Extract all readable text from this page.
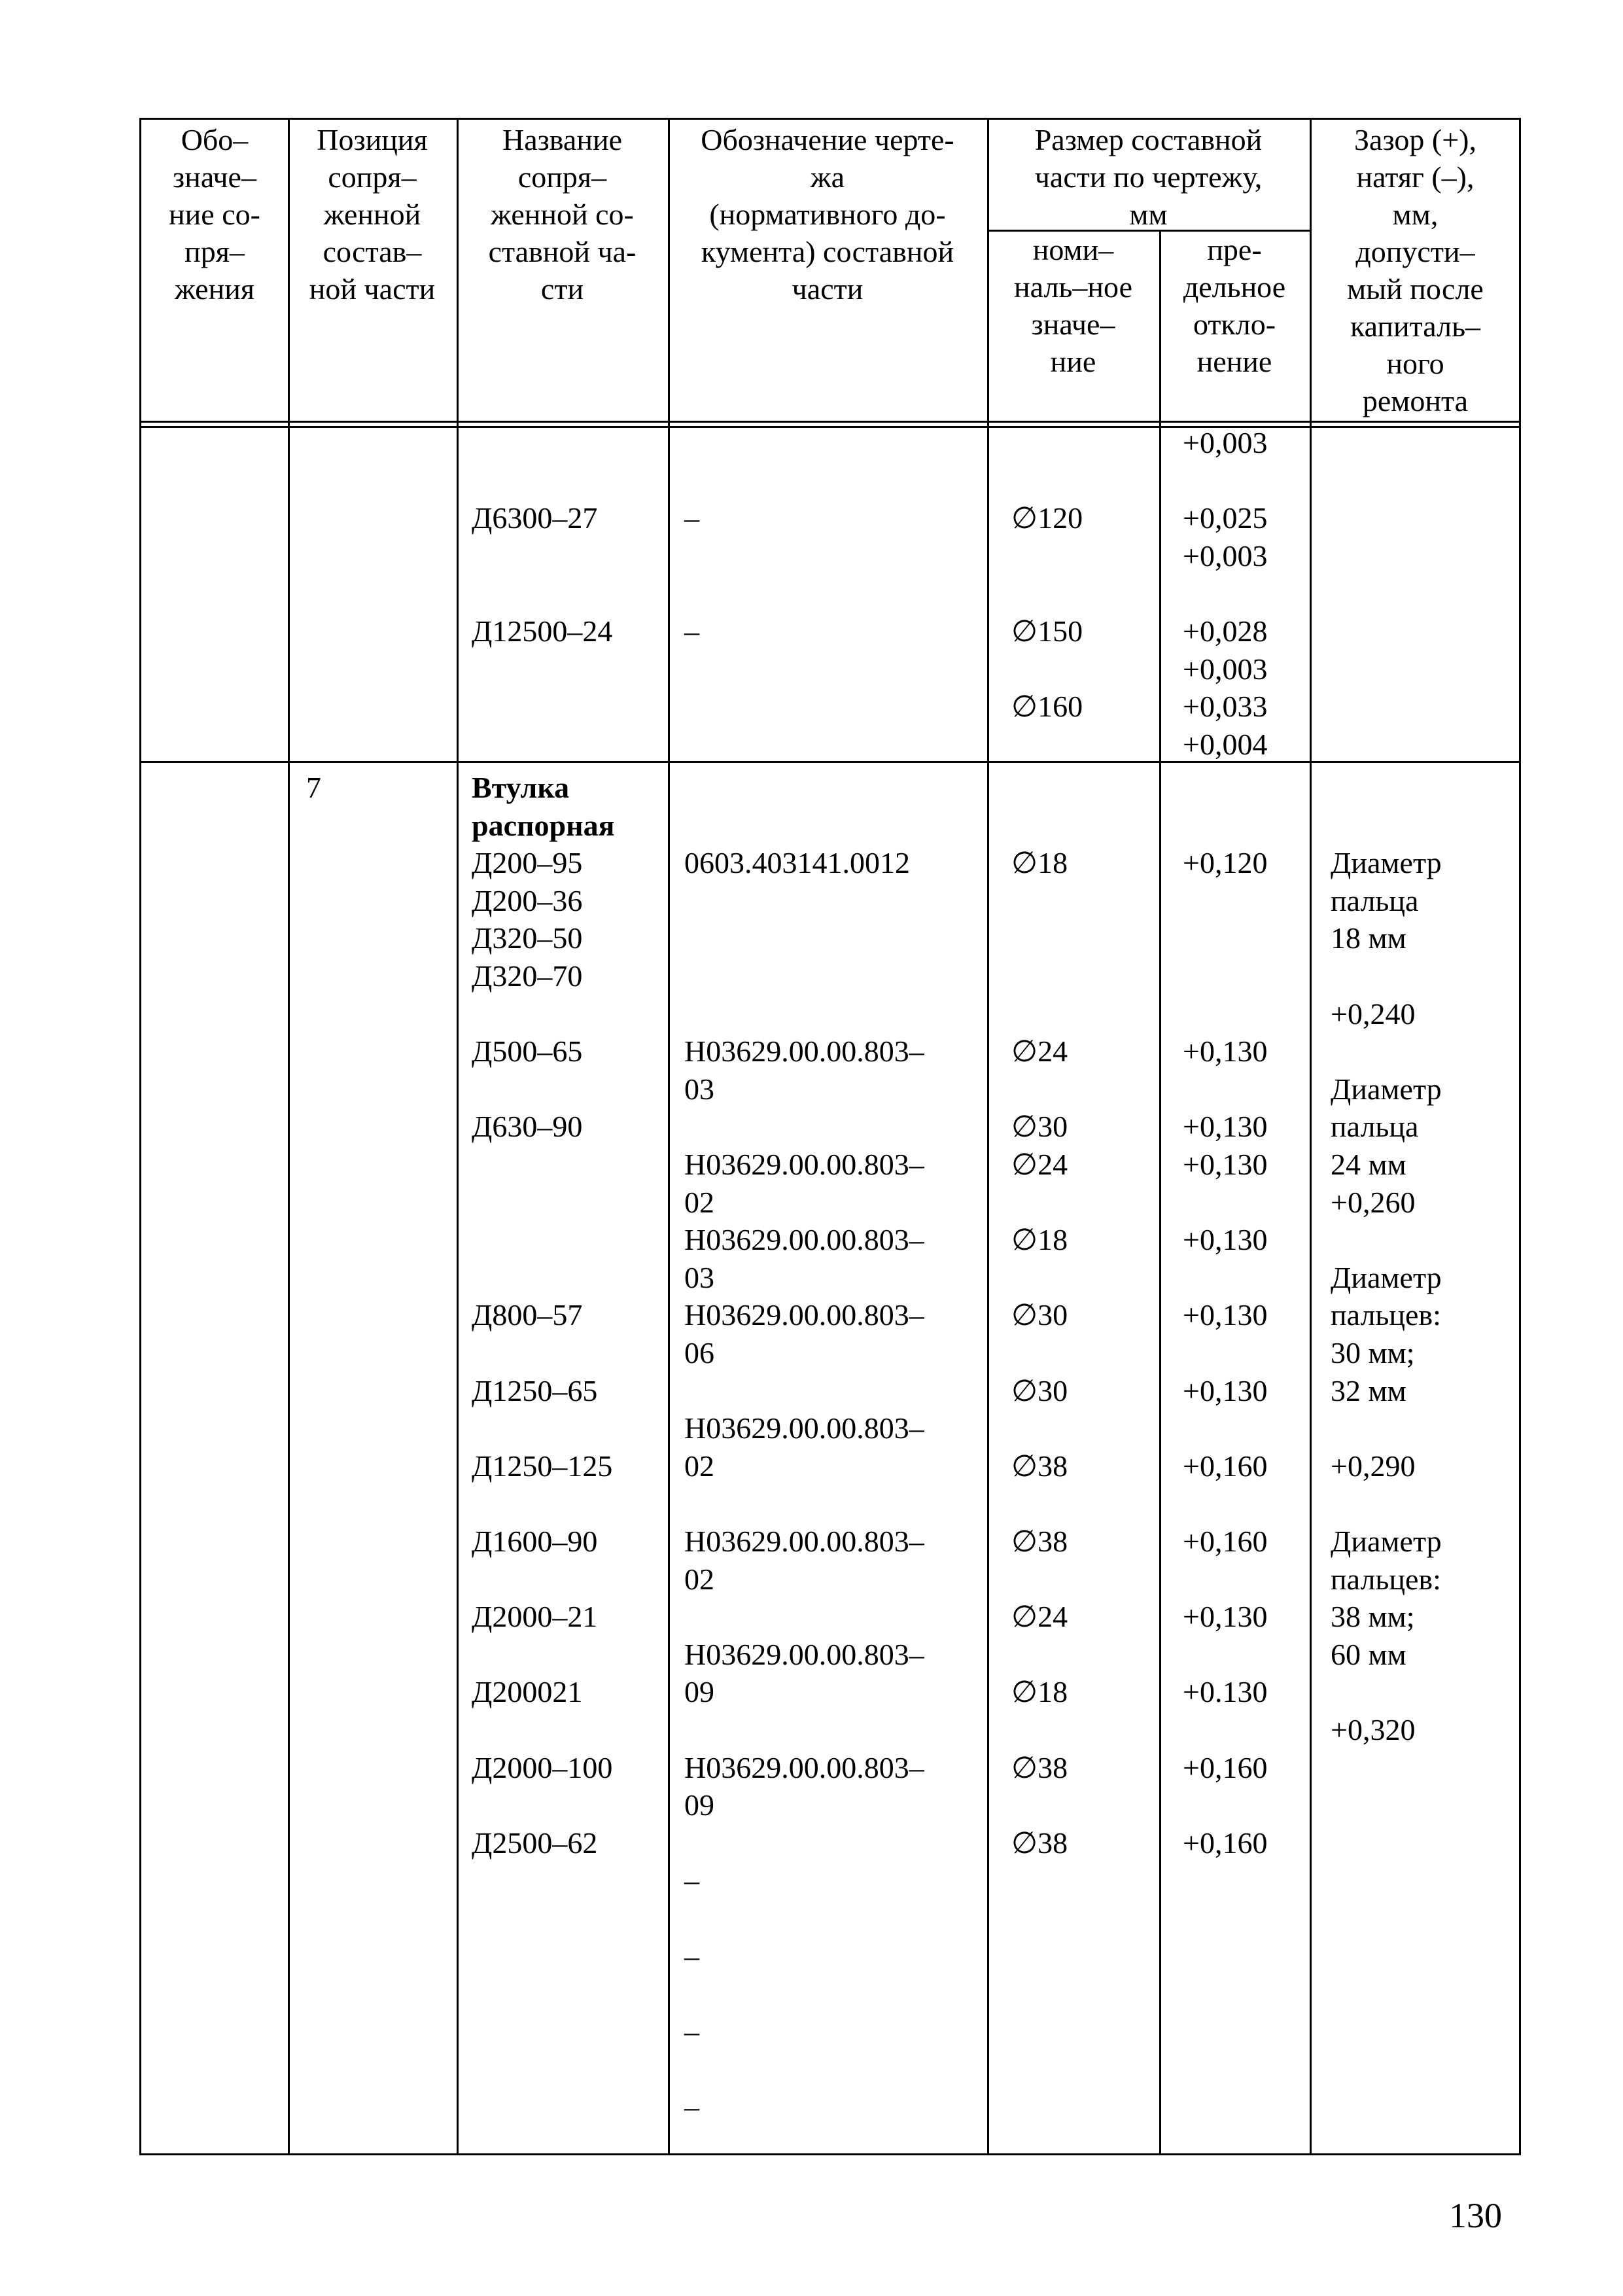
Обо–
значе–
ние со-
пря–
жения
Позиция
сопря–
женной
состав–
ной части
Название
сопря–
женной со-
ставной ча-
сти
Обозначение черте-
жа
(нормативного до-
кумента) составной
части
Размер составной
части по чертежу,
мм
номи–
наль–ное
значе–
ние
пре-
дельное
откло-
нение
Зазор (+),
натяг (–),
мм,
допусти–
мый после
капиталь–
ного
ремонта
Д6300–27
Д12500–24
–
–
∅120
∅150
∅160
+0,003
+0,025
+0,003
+0,028
+0,003
+0,033
+0,004
7	Втулка
распорная
Д200–95
Д200–36
Д320–50
Д320–70
Д500–65
Д630–90
Д800–57
Д1250–65
Д1250–125
Д1600–90
Д2000–21
Д200021
Д2000–100
Д2500–62
0603.403141.0012
Н03629.00.00.803–
03
Н03629.00.00.803–
02
Н03629.00.00.803–
03
Н03629.00.00.803–
06
Н03629.00.00.803–
02
Н03629.00.00.803–
02
Н03629.00.00.803–
09
Н03629.00.00.803–
09
–
–
–
–
∅18
∅24
∅30
∅24
∅18
∅30
∅30
∅38
∅38
∅24
∅18
∅38
∅38
+0,120
+0,130
+0,130
+0,130
+0,130
+0,130
+0,130
+0,160
+0,160
+0,130
+0.130
+0,160
+0,160
Диаметр
пальца
18 мм
+0,240
Диаметр
пальца
24 мм
+0,260
Диаметр
пальцев:
30 мм;
32 мм
+0,290
Диаметр
пальцев:
38 мм;
60 мм
+0,320
130
